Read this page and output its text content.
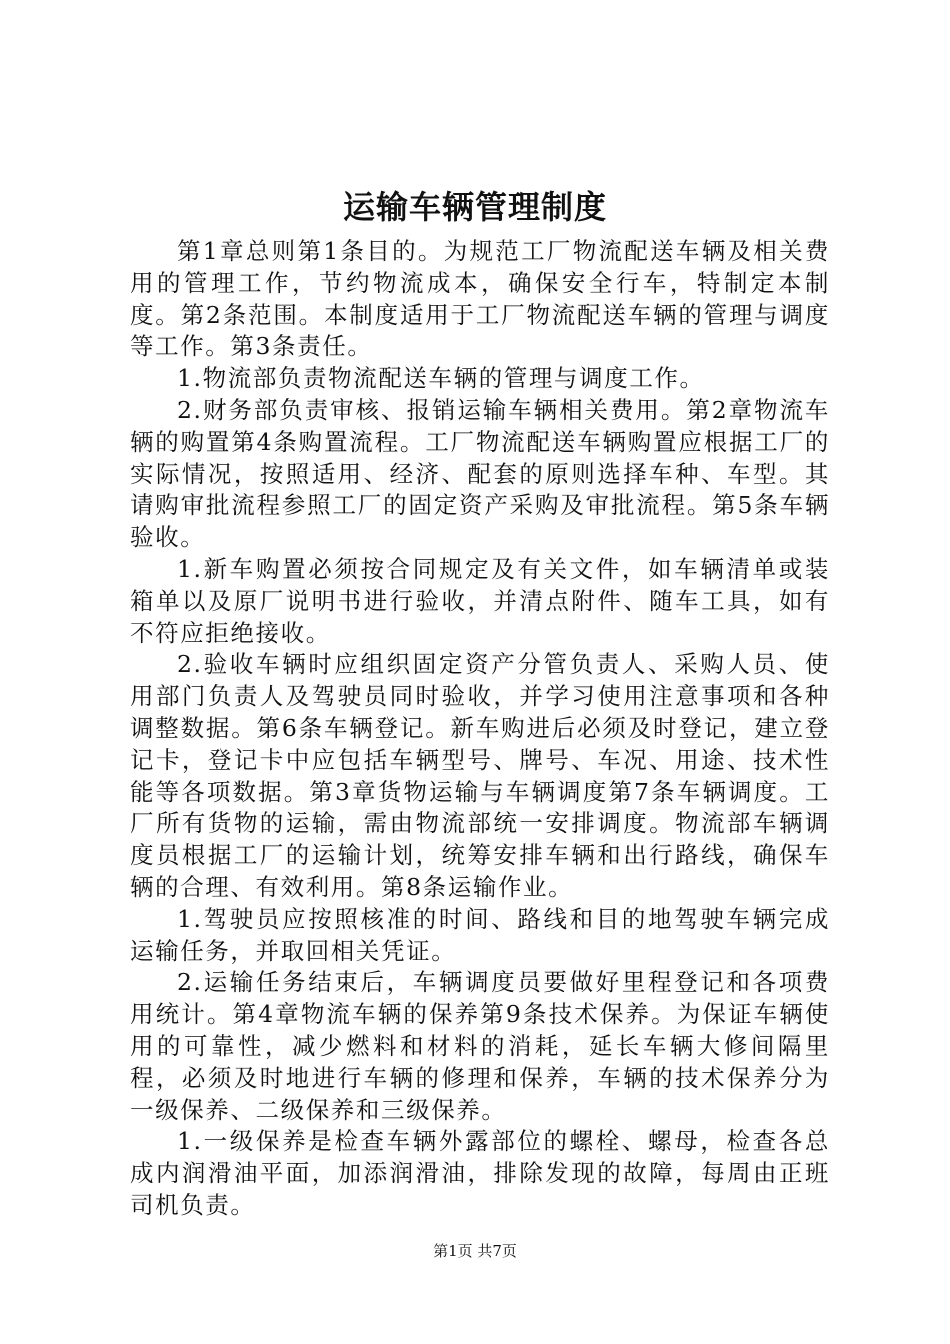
运输车辆管理制度

第1章总则第1条目的。为规范工厂物流配送车辆及相关费用的管理工作，节约物流成本，确保安全行车，特制定本制度。第2条范围。本制度适用于工厂物流配送车辆的管理与调度等工作。第3条责任。

1.物流部负责物流配送车辆的管理与调度工作。

2.财务部负责审核、报销运输车辆相关费用。第2章物流车辆的购置第4条购置流程。工厂物流配送车辆购置应根据工厂的实际情况，按照适用、经济、配套的原则选择车种、车型。其请购审批流程参照工厂的固定资产采购及审批流程。第5条车辆验收。

1.新车购置必须按合同规定及有关文件，如车辆清单或装箱单以及原厂说明书进行验收，并清点附件、随车工具，如有不符应拒绝接收。

2.验收车辆时应组织固定资产分管负责人、采购人员、使用部门负责人及驾驶员同时验收，并学习使用注意事项和各种调整数据。第6条车辆登记。新车购进后必须及时登记，建立登记卡，登记卡中应包括车辆型号、牌号、车况、用途、技术性能等各项数据。第3章货物运输与车辆调度第7条车辆调度。工厂所有货物的运输，需由物流部统一安排调度。物流部车辆调度员根据工厂的运输计划，统筹安排车辆和出行路线，确保车辆的合理、有效利用。第8条运输作业。

1.驾驶员应按照核准的时间、路线和目的地驾驶车辆完成运输任务，并取回相关凭证。

2.运输任务结束后，车辆调度员要做好里程登记和各项费用统计。第4章物流车辆的保养第9条技术保养。为保证车辆使用的可靠性，减少燃料和材料的消耗，延长车辆大修间隔里程，必须及时地进行车辆的修理和保养，车辆的技术保养分为一级保养、二级保养和三级保养。

1.一级保养是检查车辆外露部位的螺栓、螺母，检查各总成内润滑油平面，加添润滑油，排除发现的故障，每周由正班司机负责。

第1页 共7页
